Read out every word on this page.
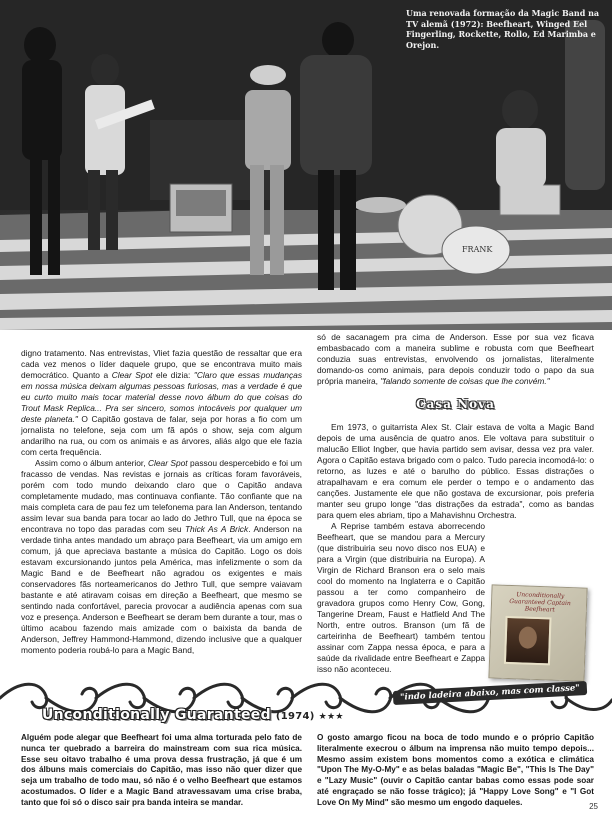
FRANK
Uma renovada formação da Magic Band na TV alemã (1972): Beefheart, Winged Eel Fingerling, Rockette, Rollo, Ed Marimba e Orejon.

digno tratamento. Nas entrevistas, Vliet fazia questão de ressaltar que era cada vez menos o líder daquele grupo, que se encontrava muito mais democrático. Quanto a Clear Spot ele dizia: "Claro que essas mudanças em nossa música deixam algumas pessoas furiosas, mas a verdade é que eu curto muito mais tocar material desse novo álbum do que coisas do Trout Mask Replica... Pra ser sincero, somos intocáveis por qualquer um deste planeta." O Capitão gostava de falar, seja por horas a fio com um jornalista no telefone, seja com um fã após o show, seja com algum andarilho na rua, ou com os animais e as árvores, aliás algo que ele fazia com certa frequência.

Assim como o álbum anterior, Clear Spot passou despercebido e foi um fracasso de vendas. Nas revistas e jornais as críticas foram favoráveis, porém com todo mundo deixando claro que o Capitão andava completamente mudado, mas continuava confiante. Tão confiante que na mais completa cara de pau fez um telefonema para Ian Anderson, tentando assim levar sua banda para tocar ao lado do Jethro Tull, que na época se encontrava no topo das paradas com seu Thick As A Brick. Anderson na verdade tinha antes mandado um abraço para Beefheart, via um amigo em comum, já que apreciava bastante a música do Capitão. Logo os dois estavam excursionando juntos pela América, mas infelizmente o som da Magic Band e de Beefheart não agradou os exigentes e mais conservadores fãs norteamericanos do Jethro Tull, que sempre vaiavam bastante e até atiravam coisas em direção a Beefheart, que mesmo se sentindo nada confortável, parecia provocar a audiência apenas com sua voz e presença. Anderson e Beefheart se deram bem durante a tour, mas o último acabou fazendo mais amizade com o baixista da banda de Anderson, Jeffrey Hammond-Hammond, dizendo inclusive que a qualquer momento poderia roubá-lo para a Magic Band,

só de sacanagem pra cima de Anderson. Esse por sua vez ficava embasbacado com a maneira sublime e robusta com que Beefheart conduzia suas entrevistas, envolvendo os jornalistas, literalmente domando-os como animais, para depois conduzir todo o papo da sua própria maneira, "falando somente de coisas que lhe convém."

Casa Nova

Em 1973, o guitarrista Alex St. Clair estava de volta a Magic Band depois de uma ausência de quatro anos. Ele voltava para substituir o malucão Elliot Ingber, que havia partido sem avisar, dessa vez pra valer. Agora o Capitão estava brigado com o palco. Tudo parecia incomodá-lo: o retorno, as luzes e até o barulho do público. Essas distrações o atrapalhavam e era comum ele perder o tempo e o andamento das canções. Justamente ele que não gostava de excursionar, pois preferia manter seu grupo longe "das distrações da estrada", como as bandas para quem eles abriam, tipo a Mahavishnu Orchestra.

A Reprise também estava aborrecendo Beefheart, que se mandou para a Mercury (que distribuiria seu novo disco nos EUA) e para a Virgin (que distribuiria na Europa). A Virgin de Richard Branson era o selo mais cool do momento na Inglaterra e o Capitão passou a ter como companheiro de gravadora grupos como Henry Cow, Gong, Tangerine Dream, Faust e Hatfield And The North, entre outros. Branson (um fã de carteirinha de Beefheart) também tentou assinar com Zappa nessa época, e para a saúde da rivalidade entre Beefheart e Zappa isso não aconteceu.

Unconditionally Guaranteed Captain Beefheart
"indo ladeira abaixo, mas com classe"
Unconditionally Guaranteed (1974) ★★★
Alguém pode alegar que Beefheart foi uma alma torturada pelo fato de nunca ter quebrado a barreira do mainstream com sua rica música. Esse seu oitavo trabalho é uma prova dessa frustração, já que é um dos álbuns mais comerciais do Capitão, mas isso não quer dizer que seja um trabalho de todo mau, só não é o velho Beefheart que estamos acostumados. O líder e a Magic Band atravessavam uma crise braba, tanto que foi só o disco sair pra banda inteira se mandar.
O gosto amargo ficou na boca de todo mundo e o próprio Capitão literalmente execrou o álbum na imprensa não muito tempo depois... Mesmo assim existem bons momentos como a exótica e climática "Upon The My-O-My" e as belas baladas "Magic Be", "This Is The Day" e "Lazy Music" (ouvir o Capitão cantar babas como essas pode soar até engraçado se não fosse trágico); já "Happy Love Song" e "I Got Love On My Mind" são mesmo um engodo daqueles.	25
